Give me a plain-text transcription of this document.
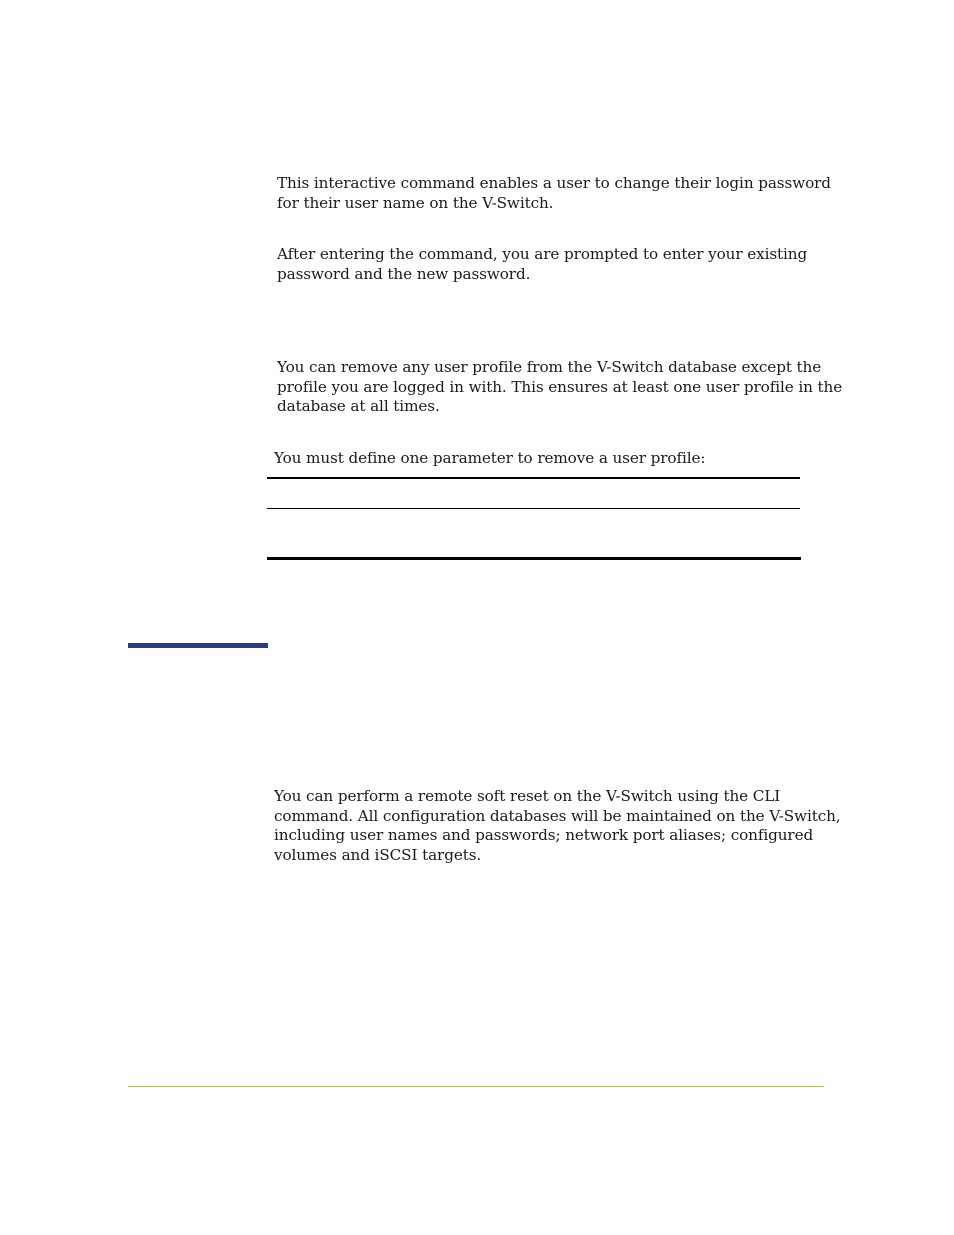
This interactive command enables a user to change their login password
for their user name on the V-Switch.
After entering the command, you are prompted to enter your existing
password and the new password.
You can remove any user profile from the V-Switch database except the
profile you are logged in with. This ensures at least one user profile in the
database at all times.
You must define one parameter to remove a user profile:
You can perform a remote soft reset on the V-Switch using the CLI
command. All configuration databases will be maintained on the V-Switch,
including user names and passwords; network port aliases; configured
volumes and iSCSI targets.
